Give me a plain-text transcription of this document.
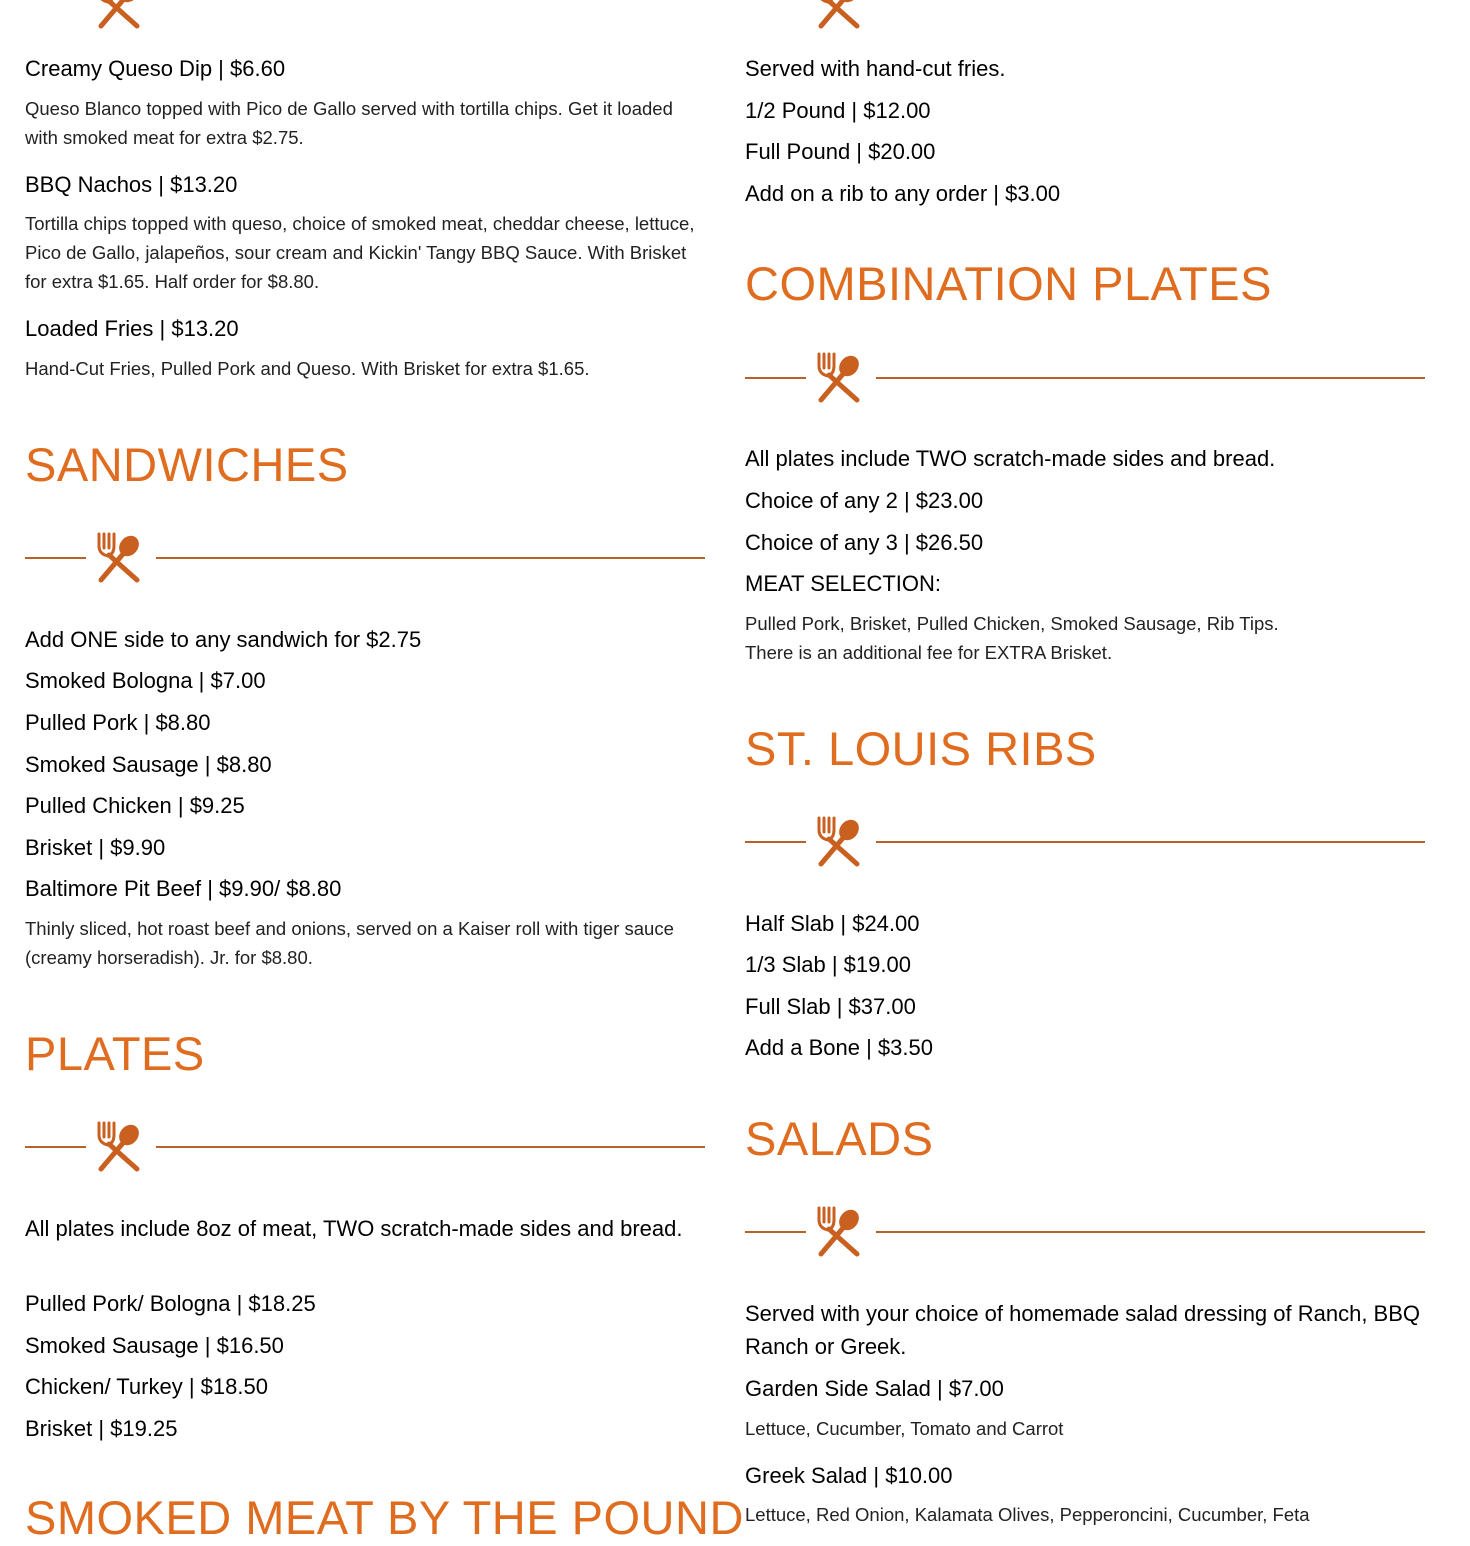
Creamy Queso Dip | $6.60
Queso Blanco topped with Pico de Gallo served with tortilla chips. Get it loaded with smoked meat for extra $2.75.
BBQ Nachos | $13.20
Tortilla chips topped with queso, choice of smoked meat, cheddar cheese, lettuce, Pico de Gallo, jalapeños, sour cream and Kickin' Tangy BBQ Sauce. With Brisket for extra $1.65. Half order for $8.80.
Loaded Fries | $13.20
Hand-Cut Fries, Pulled Pork and Queso. With Brisket for extra $1.65.
SANDWICHES
Add ONE side to any sandwich for $2.75
Smoked Bologna | $7.00
Pulled Pork | $8.80
Smoked Sausage | $8.80
Pulled Chicken | $9.25
Brisket | $9.90
Baltimore Pit Beef | $9.90/ $8.80
Thinly sliced, hot roast beef and onions, served on a Kaiser roll with tiger sauce (creamy horseradish). Jr. for $8.80.
PLATES
All plates include 8oz of meat, TWO scratch-made sides and bread.
Pulled Pork/ Bologna | $18.25
Smoked Sausage | $16.50
Chicken/ Turkey | $18.50
Brisket | $19.25
SMOKED MEAT BY THE POUND
Served with hand-cut fries.
1/2 Pound | $12.00
Full Pound | $20.00
Add on a rib to any order | $3.00
COMBINATION PLATES
All plates include TWO scratch-made sides and bread.
Choice of any 2 | $23.00
Choice of any 3 | $26.50
MEAT SELECTION:
Pulled Pork, Brisket, Pulled Chicken, Smoked Sausage, Rib Tips.
There is an additional fee for EXTRA Brisket.
ST. LOUIS RIBS
Half Slab | $24.00
1/3 Slab | $19.00
Full Slab | $37.00
Add a Bone | $3.50
SALADS
Served with your choice of homemade salad dressing of Ranch, BBQ Ranch or Greek.
Garden Side Salad | $7.00
Lettuce, Cucumber, Tomato and Carrot
Greek Salad | $10.00
Lettuce, Red Onion, Kalamata Olives, Pepperoncini, Cucumber, Feta
